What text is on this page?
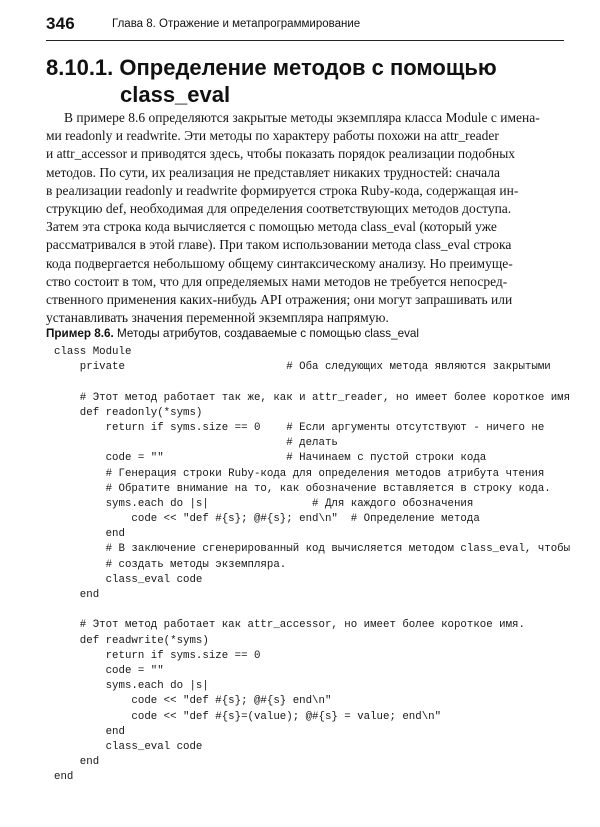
346	Глава 8. Отражение и метапрограммирование
8.10.1. Определение методов с помощью
class_eval
В примере 8.6 определяются закрытые методы экземпляра класса Module с имена-
ми readonly и readwrite. Эти методы по характеру работы похожи на attr_reader
и attr_accessor и приводятся здесь, чтобы показать порядок реализации подобных
методов. По сути, их реализация не представляет никаких трудностей: сначала
в реализации readonly и readwrite формируется строка Ruby-кода, содержащая ин-
струкцию def, необходимая для определения соответствующих методов доступа.
Затем эта строка кода вычисляется с помощью метода class_eval (который уже
рассматривался в этой главе). При таком использовании метода class_eval строка
кода подвергается небольшому общему синтаксическому анализу. Но преимуще-
ство состоит в том, что для определяемых нами методов не требуется непосред-
ственного применения каких-нибудь API отражения; они могут запрашивать или
устанавливать значения переменной экземпляра напрямую.
Пример 8.6. Методы атрибутов, создаваемые с помощью class_eval
class Module
private                         # Оба следующих метода являются закрытыми
# Этот метод работает так же, как и attr_reader, но имеет более короткое имя
def readonly(*syms)
return if syms.size == 0    # Если аргументы отсутствуют - ничего не
# делать
code = ""                   # Начинаем с пустой строки кода
# Генерация строки Ruby-кода для определения методов атрибута чтения
# Обратите внимание на то, как обозначение вставляется в строку кода.
syms.each do |s|                # Для каждого обозначения
code << "def #{s}; @#{s}; end\n"  # Определение метода
end
# В заключение сгенерированный код вычисляется методом class_eval, чтобы
# создать методы экземпляра.
class_eval code
end
# Этот метод работает как attr_accessor, но имеет более короткое имя.
def readwrite(*syms)
return if syms.size == 0
code = ""
syms.each do |s|
code << "def #{s}; @#{s} end\n"
code << "def #{s}=(value); @#{s} = value; end\n"
end
class_eval code
end
end
